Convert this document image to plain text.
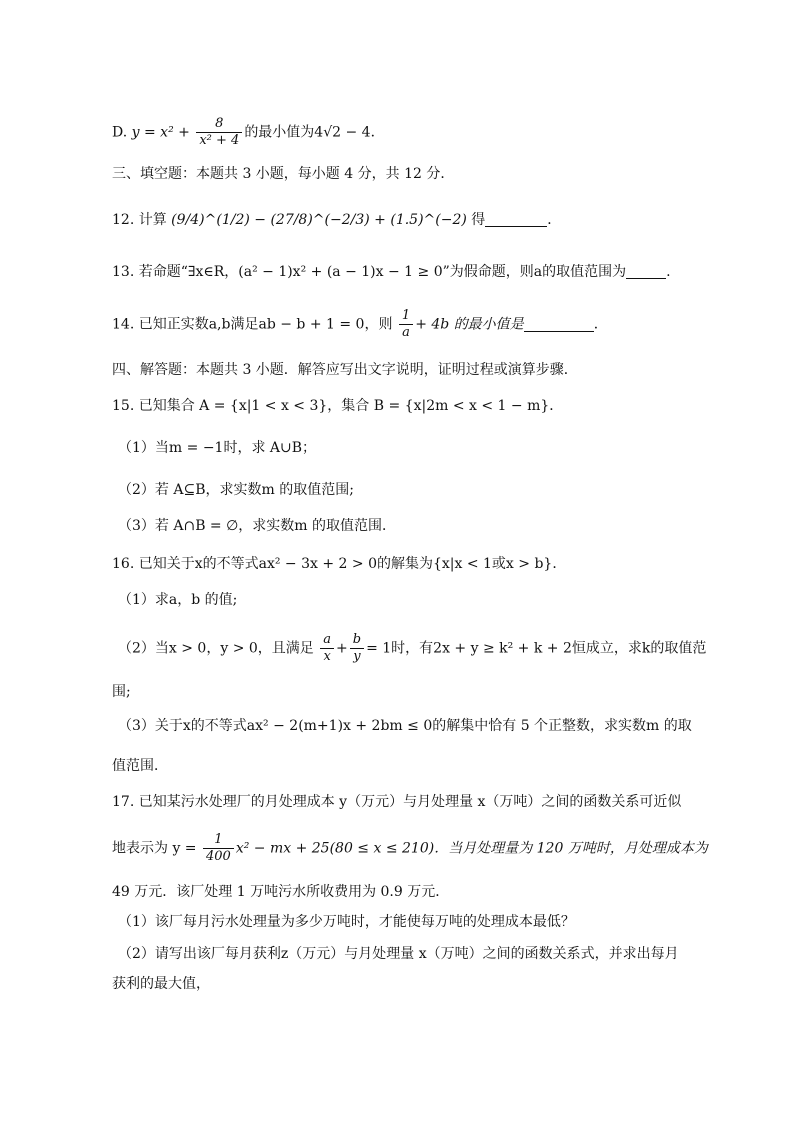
D. $y = x^2 + \frac{8}{\text{x² + 4}}$ 的最小值为4√2 − 4．
三、填空题：本题共 3 小题，每小题 4 分，共 12 分．
12. 计算 (9/4)^(1/2) − (27/8)^(−2/3) + (1.5)^(−2) 得	．
13. 若命题“∃x∈R，(a² − 1)x² + (a − 1)x − 1 ≥ 0”为假命题，则a的取值范围为	.
14. 已知正实数a,b满足ab − b + 1 = 0，则 $\frac{1}{a} + 4b$ 的最小值是	．
四、解答题：本题共 3 小题．解答应写出文字说明，证明过程或演算步骤．
15. 已知集合 A = {x|1 < x < 3}，集合 B = {x|2m < x < 1 − m}．
（1）当m = −1时，求 A∪B；
（2）若 A⊆B，求实数m 的取值范围;
（3）若 A∩B = ∅，求实数m 的取值范围．
16. 已知关于x的不等式ax² − 3x + 2 > 0的解集为{x|x < 1或x > b}．
（1）求a，b 的值;
（2）当x > 0，y > 0，且满足 $\frac{a}{x} + \frac{b}{y} = 1$时，有2x + y ≥ k² + k + 2恒成立，求k的取值范
围;
（3）关于x的不等式ax² − 2(m+1)x + 2bm ≤ 0的解集中恰有 5 个正整数，求实数m 的取
值范围．
17. 已知某污水处理厂的月处理成本 y（万元）与月处理量 x（万吨）之间的函数关系可近似
地表示为 $y = \frac{1}{400} x^2$ − mx + 25(80 ≤ x ≤ 210)．当月处理量为 120 万吨时，月处理成本为
49 万元．该厂处理 1 万吨污水所收费用为 0.9 万元．
（1）该厂每月污水处理量为多少万吨时，才能使每万吨的处理成本最低？
（2）请写出该厂每月获利z（万元）与月处理量 x（万吨）之间的函数关系式，并求出每月
获利的最大值，
